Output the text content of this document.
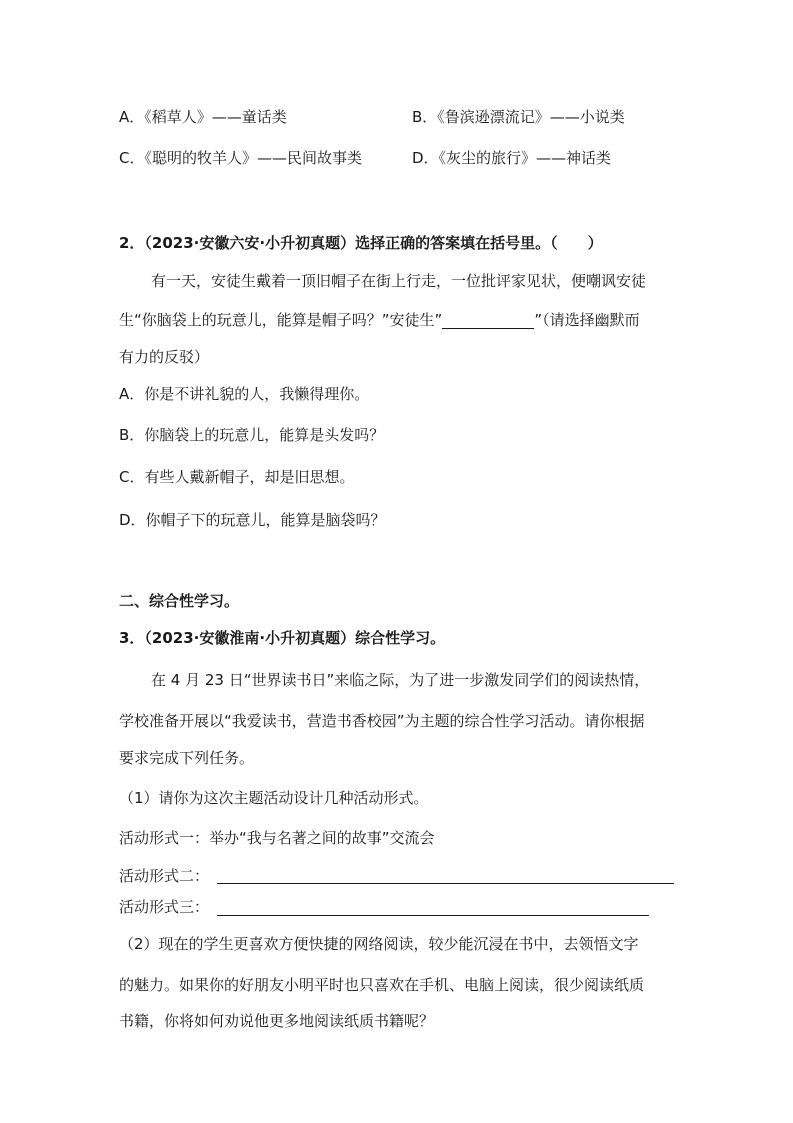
A．《稻草人》——童话类	B．《鲁滨逊漂流记》——小说类
C．《聪明的牧羊人》——民间故事类	D．《灰尘的旅行》——神话类
2．（2023·安徽六安·小升初真题）选择正确的答案填在括号里。（　　）
有一天，安徒生戴着一顶旧帽子在街上行走，一位批评家见状，便嘲讽安徒
生“你脑袋上的玩意儿，能算是帽子吗？”安徒生”	”（请选择幽默而
有力的反驳）
A．你是不讲礼貌的人，我懒得理你。
B．你脑袋上的玩意儿，能算是头发吗？
C．有些人戴新帽子，却是旧思想。
D．你帽子下的玩意儿，能算是脑袋吗？
二、综合性学习。
3．（2023·安徽淮南·小升初真题）综合性学习。
在 4 月 23 日“世界读书日”来临之际，为了进一步激发同学们的阅读热情，
学校准备开展以“我爱读书，营造书香校园”为主题的综合性学习活动。请你根据
要求完成下列任务。
（1）请你为这次主题活动设计几种活动形式。
活动形式一：举办“我与名著之间的故事”交流会
活动形式二：
活动形式三：
（2）现在的学生更喜欢方便快捷的网络阅读，较少能沉浸在书中，去领悟文字
的魅力。如果你的好朋友小明平时也只喜欢在手机、电脑上阅读，很少阅读纸质
书籍，你将如何劝说他更多地阅读纸质书籍呢？
